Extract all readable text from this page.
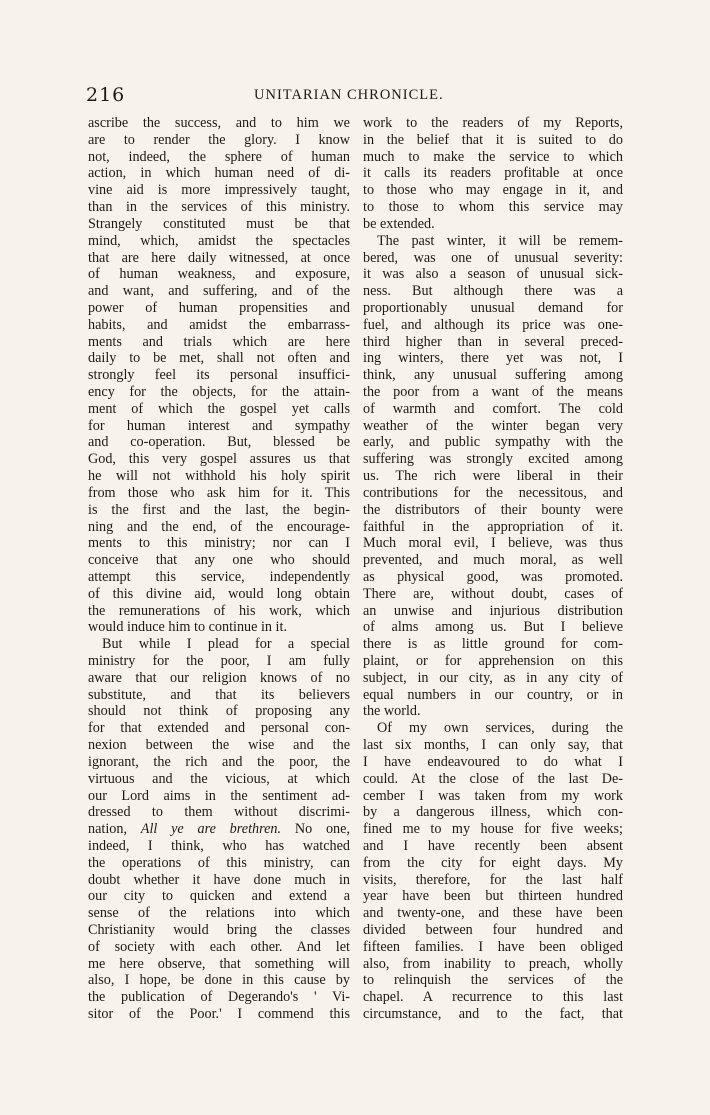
216	UNITARIAN CHRONICLE.
ascribe the success, and to him we
are to render the glory. I know
not, indeed, the sphere of human
action, in which human need of di-
vine aid is more impressively taught,
than in the services of this ministry.
Strangely constituted must be that
mind, which, amidst the spectacles
that are here daily witnessed, at once
of human weakness, and exposure,
and want, and suffering, and of the
power of human propensities and
habits, and amidst the embarrass-
ments and trials which are here
daily to be met, shall not often and
strongly feel its personal insuffici-
ency for the objects, for the attain-
ment of which the gospel yet calls
for human interest and sympathy
and co-operation. But, blessed be
God, this very gospel assures us that
he will not withhold his holy spirit
from those who ask him for it. This
is the first and the last, the begin-
ning and the end, of the encourage-
ments to this ministry; nor can I
conceive that any one who should
attempt this service, independently
of this divine aid, would long obtain
the remunerations of his work, which
would induce him to continue in it.
But while I plead for a special
ministry for the poor, I am fully
aware that our religion knows of no
substitute, and that its believers
should not think of proposing any
for that extended and personal con-
nexion between the wise and the
ignorant, the rich and the poor, the
virtuous and the vicious, at which
our Lord aims in the sentiment ad-
dressed to them without discrimi-
nation, All ye are brethren. No one,
indeed, I think, who has watched
the operations of this ministry, can
doubt whether it have done much in
our city to quicken and extend a
sense of the relations into which
Christianity would bring the classes
of society with each other. And let
me here observe, that something will
also, I hope, be done in this cause by
the publication of Degerando's ' Vi-
sitor of the Poor.' I commend this
work to the readers of my Reports,
in the belief that it is suited to do
much to make the service to which
it calls its readers profitable at once
to those who may engage in it, and
to those to whom this service may
be extended.
The past winter, it will be remem-
bered, was one of unusual severity:
it was also a season of unusual sick-
ness. But although there was a
proportionably unusual demand for
fuel, and although its price was one-
third higher than in several preced-
ing winters, there yet was not, I
think, any unusual suffering among
the poor from a want of the means
of warmth and comfort. The cold
weather of the winter began very
early, and public sympathy with the
suffering was strongly excited among
us. The rich were liberal in their
contributions for the necessitous, and
the distributors of their bounty were
faithful in the appropriation of it.
Much moral evil, I believe, was thus
prevented, and much moral, as well
as physical good, was promoted.
There are, without doubt, cases of
an unwise and injurious distribution
of alms among us. But I believe
there is as little ground for com-
plaint, or for apprehension on this
subject, in our city, as in any city of
equal numbers in our country, or in
the world.
Of my own services, during the
last six months, I can only say, that
I have endeavoured to do what I
could. At the close of the last De-
cember I was taken from my work
by a dangerous illness, which con-
fined me to my house for five weeks;
and I have recently been absent
from the city for eight days. My
visits, therefore, for the last half
year have been but thirteen hundred
and twenty-one, and these have been
divided between four hundred and
fifteen families. I have been obliged
also, from inability to preach, wholly
to relinquish the services of the
chapel. A recurrence to this last
circumstance, and to the fact, that
